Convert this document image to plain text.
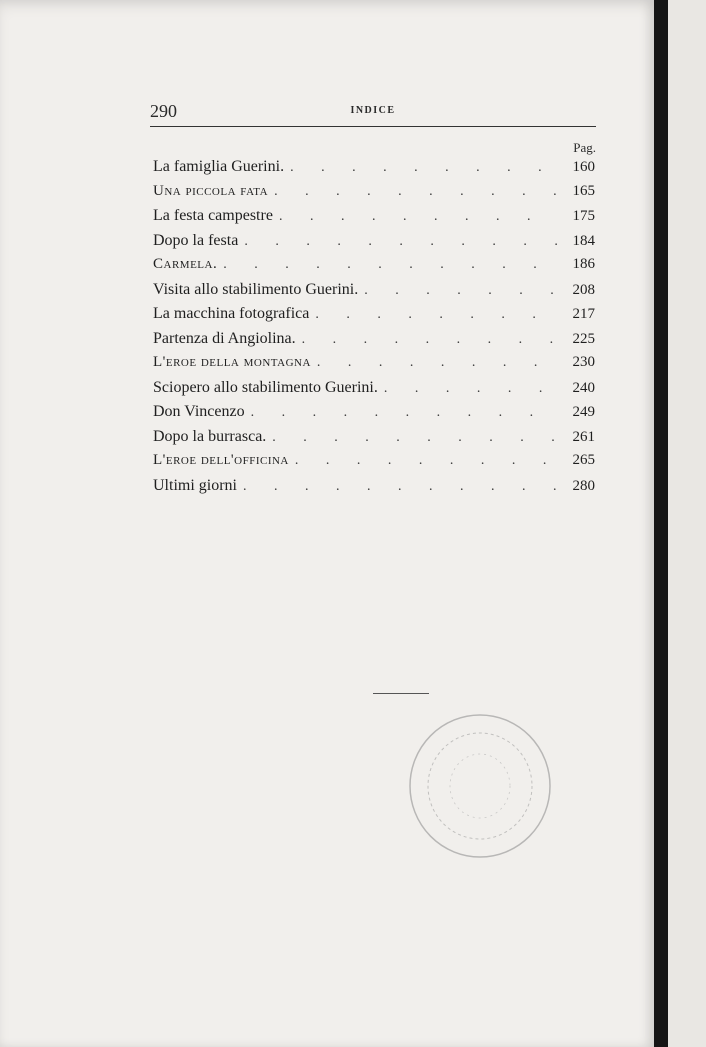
290	INDICE
Pag.
La famiglia Guerini. . . .	160
Una piccola fata . . .	165
La festa campestre . . .	175
Dopo la festa . . .	184
Carmela. . . .	186
Visita allo stabilimento Guerini. . . .	208
La macchina fotografica . . .	217
Partenza di Angiolina. . . .	225
L'eroe della montagna . . .	230
Sciopero allo stabilimento Guerini. . . .	240
Don Vincenzo . . .	249
Dopo la burrasca. . . .	261
L'eroe dell'officina . . .	265
Ultimi giorni . . .	280
